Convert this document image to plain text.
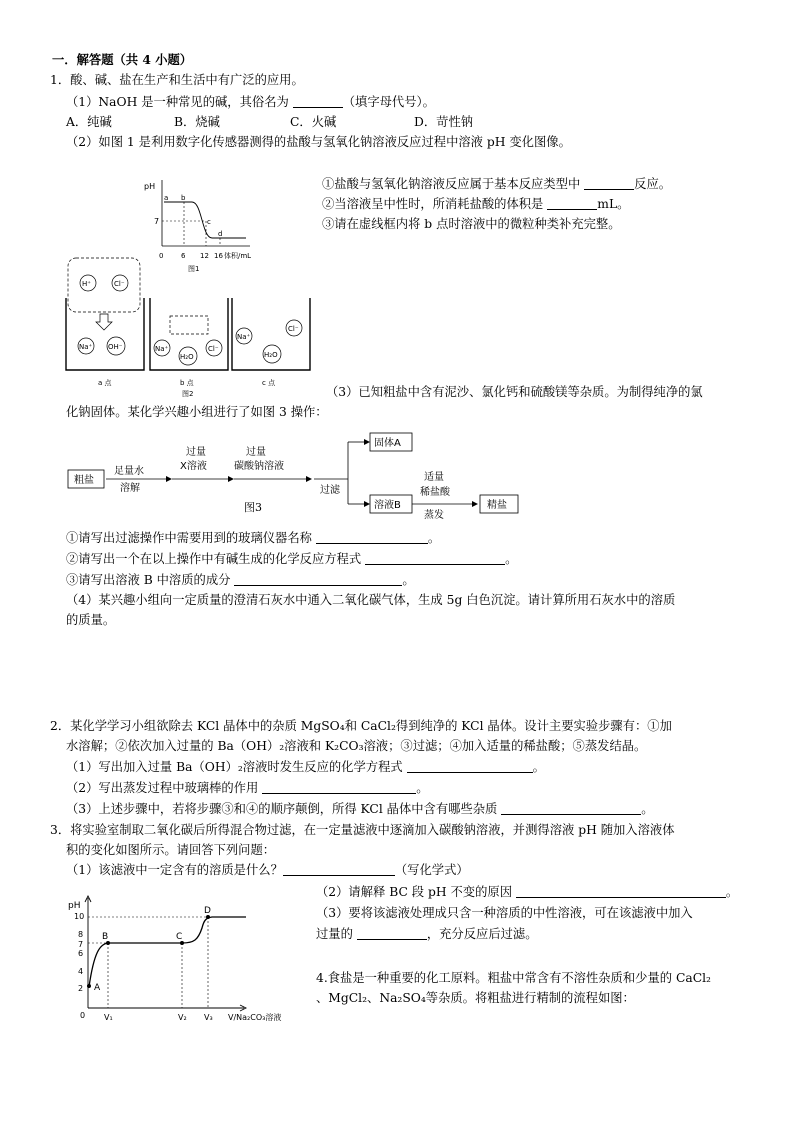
一．解答题（共 4 小题）
1．酸、碱、盐在生产和生活中有广泛的应用。
（1）NaOH 是一种常见的碱，其俗名为	（填字母代号）。
A．纯碱	B．烧碱	C．火碱	D．苛性钠
（2）如图 1 是利用数字化传感器测得的盐酸与氢氧化钠溶液反应过程中溶液 pH 变化图像。
pH
体积/mL
7
a b
c
d
0	6 12 16
图1
H⁺	Cl⁻
Na⁺ OH⁻	Na⁺
H₂O
Cl⁻
Na⁺
Cl⁻
H₂O
a 点	b 点	c 点
图2
①盐酸与氢氧化钠溶液反应属于基本反应类型中	反应。
②当溶液呈中性时，所消耗盐酸的体积是	mL。
③请在虚线框内将 b 点时溶液中的微粒种类补充完整。
（3）已知粗盐中含有泥沙、氯化钙和硫酸镁等杂质。为制得纯净的氯
化钠固体。某化学兴趣小组进行了如图 3 操作：
粗盐
足量水
溶解
过量
X溶液
过量
碳酸钠溶液
过滤
固体A
溶液B
适量
稀盐酸
蒸发
精盐
图3
①请写出过滤操作中需要用到的玻璃仪器名称	。
②请写出一个在以上操作中有碱生成的化学反应方程式	。
③请写出溶液 B 中溶质的成分	。
（4）某兴趣小组向一定质量的澄清石灰水中通入二氧化碳气体，生成 5g 白色沉淀。请计算所用石灰水中的溶质
的质量。
2．某化学学习小组欲除去 KCl 晶体中的杂质 MgSO₄和 CaCl₂得到纯净的 KCl 晶体。设计主要实验步骤有：①加
水溶解；②依次加入过量的 Ba（OH）₂溶液和 K₂CO₃溶液；③过滤；④加入适量的稀盐酸；⑤蒸发结晶。
（1）写出加入过量 Ba（OH）₂溶液时发生反应的化学方程式	。
（2）写出蒸发过程中玻璃棒的作用	。
（3）上述步骤中，若将步骤③和④的顺序颠倒，所得 KCl 晶体中含有哪些杂质	。
3．将实验室制取二氧化碳后所得混合物过滤，在一定量滤液中逐滴加入碳酸钠溶液，并测得溶液 pH 随加入溶液体
积的变化如图所示。请回答下列问题：
（1）该滤液中一定含有的溶质是什么？	（写化学式）
（2）请解释 BC 段 pH 不变的原因	。
（3）要将该滤液处理成只含一种溶质的中性溶液，可在该滤液中加入
过量的	，充分反应后过滤。
pH
10
8
7
6
4
2 A
B	C
D
0 V₁	V₂ V₃ V/Na₂CO₃溶液
4.食盐是一种重要的化工原料。粗盐中常含有不溶性杂质和少量的 CaCl₂
、MgCl₂、Na₂SO₄等杂质。将粗盐进行精制的流程如图：
